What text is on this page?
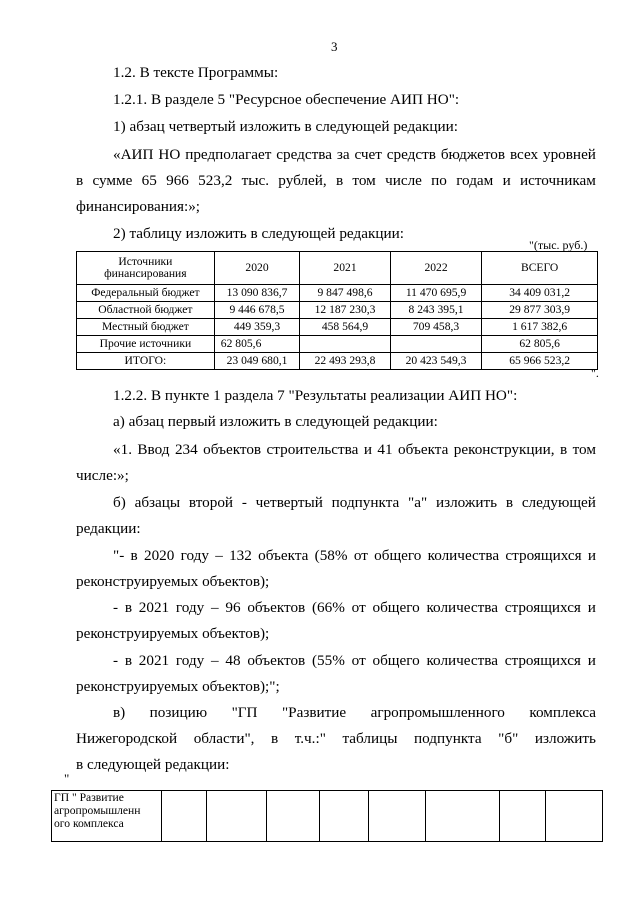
3
1.2. В тексте Программы:
1.2.1. В разделе 5 "Ресурсное обеспечение АИП НО":
1) абзац четвертый изложить в следующей редакции:
«АИП НО предполагает средства за счет средств бюджетов всех уровней
в сумме 65 966 523,2 тыс. рублей, в том числе по годам и источникам
финансирования:»;
2) таблицу изложить в следующей редакции:
"(тыс. руб.)
Источники
финансирования	2020	2021	2022	ВСЕГО
Федеральный бюджет	13 090 836,7	9 847 498,6	11 470 695,9	34 409 031,2
Областной бюджет	9 446 678,5	12 187 230,3	8 243 395,1	29 877 303,9
Местный бюджет	449 359,3	458 564,9	709 458,3	1 617 382,6
Прочие источники	62 805,6			62 805,6
ИТОГО:	23 049 680,1	22 493 293,8	20 423 549,3	65 966 523,2
".
1.2.2. В пункте 1 раздела 7 "Результаты реализации АИП НО":
а) абзац первый изложить в следующей редакции:
«1. Ввод 234 объектов строительства и 41 объекта реконструкции, в том
числе:»;
б) абзацы второй - четвертый подпункта "а" изложить в следующей
редакции:
"- в 2020 году – 132 объекта (58% от общего количества строящихся и
реконструируемых объектов);
- в 2021 году – 96 объектов (66% от общего количества строящихся и
реконструируемых объектов);
- в 2021 году – 48 объектов (55% от общего количества строящихся и
реконструируемых объектов);";
в) позицию "ГП "Развитие агропромышленного комплекса
Нижегородской области", в т.ч.:" таблицы подпункта "б" изложить
в следующей редакции:
"
ГП " Развитие
агропромышленн
ого комплекса								
